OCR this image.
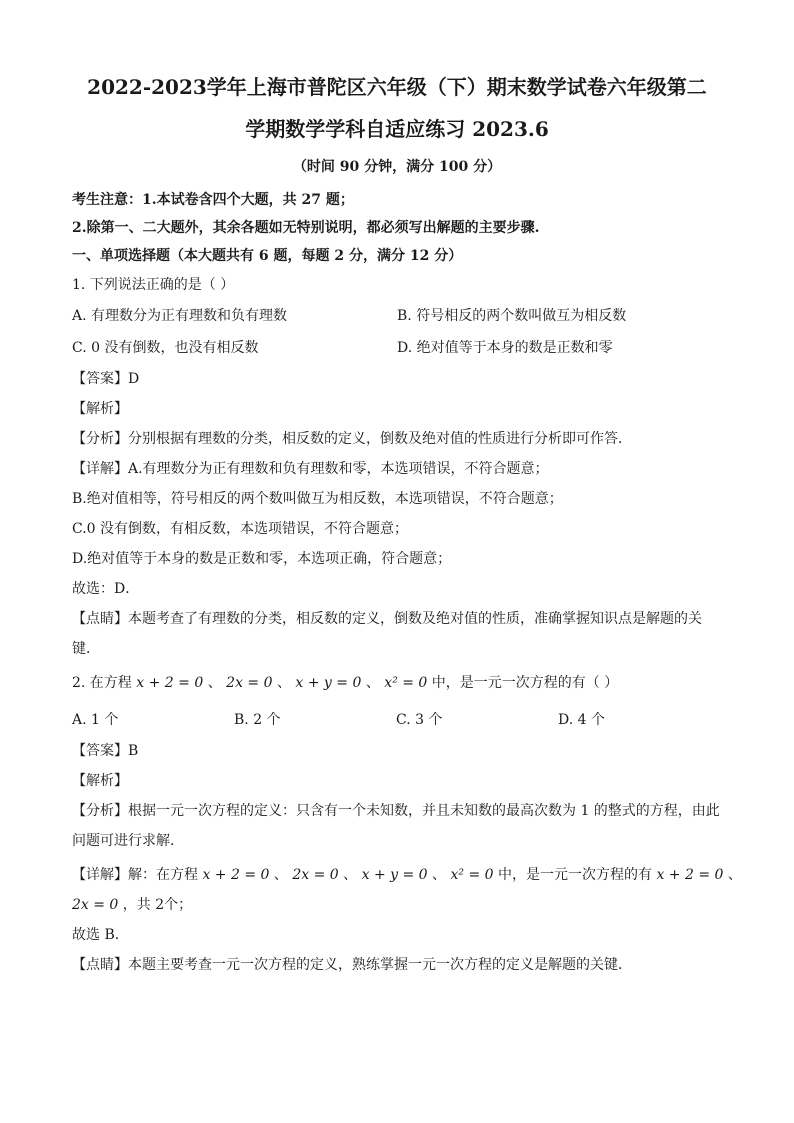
2022-2023学年上海市普陀区六年级（下）期末数学试卷六年级第二
学期数学学科自适应练习 2023.6
（时间 90 分钟，满分 100 分）
考生注意：1.本试卷含四个大题，共 27 题；
2.除第一、二大题外，其余各题如无特别说明，都必须写出解题的主要步骤.
一、单项选择题（本大题共有 6 题，每题 2 分，满分 12 分）
1. 下列说法正确的是（ ）
A. 有理数分为正有理数和负有理数	B. 符号相反的两个数叫做互为相反数
C. 0 没有倒数，也没有相反数	D. 绝对值等于本身的数是正数和零
【答案】D
【解析】
【分析】分别根据有理数的分类，相反数的定义，倒数及绝对值的性质进行分析即可作答．
【详解】A.有理数分为正有理数和负有理数和零，本选项错误，不符合题意；
B.绝对值相等，符号相反的两个数叫做互为相反数，本选项错误，不符合题意；
C.0 没有倒数，有相反数，本选项错误，不符合题意；
D.绝对值等于本身的数是正数和零，本选项正确，符合题意；
故选：D．
【点睛】本题考查了有理数的分类，相反数的定义，倒数及绝对值的性质，准确掌握知识点是解题的关键．
2. 在方程 x + 2 = 0 、 2x = 0 、 x + y = 0 、 x² = 0 中，是一元一次方程的有（ ）
A. 1 个	B. 2 个	C. 3 个	D. 4 个
【答案】B
【解析】
【分析】根据一元一次方程的定义：只含有一个未知数，并且未知数的最高次数为 1 的整式的方程，由此问题可进行求解．
【详解】解：在方程 x + 2 = 0 、 2x = 0 、 x + y = 0 、 x² = 0 中，是一元一次方程的有 x + 2 = 0 、
2x = 0 ，共 2个；
故选 B．
【点睛】本题主要考查一元一次方程的定义，熟练掌握一元一次方程的定义是解题的关键．
